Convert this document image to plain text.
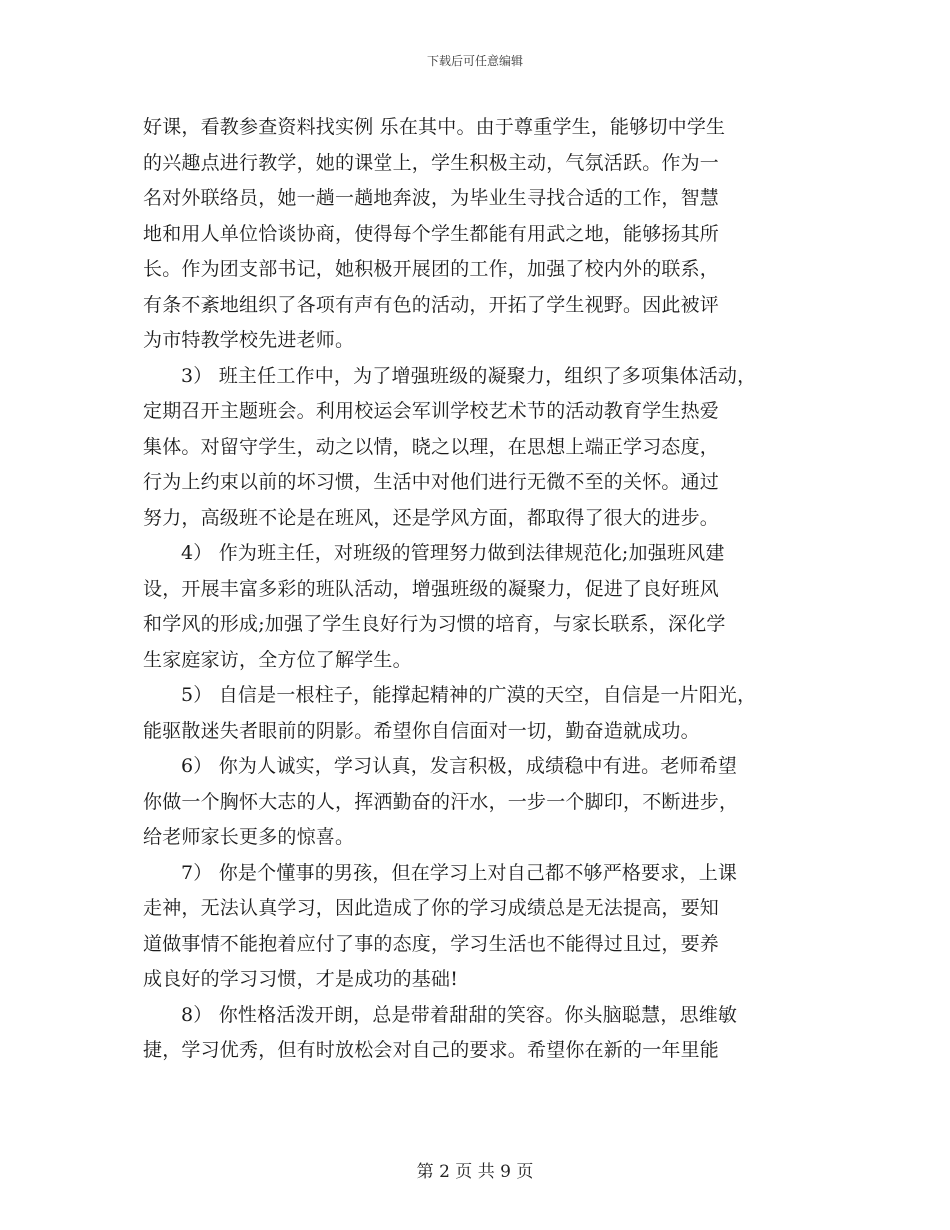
下载后可任意编辑
好课，看教参查资料找实例 乐在其中。由于尊重学生，能够切中学生
的兴趣点进行教学，她的课堂上，学生积极主动，气氛活跃。作为一
名对外联络员，她一趟一趟地奔波，为毕业生寻找合适的工作，智慧
地和用人单位恰谈协商，使得每个学生都能有用武之地，能够扬其所
长。作为团支部书记，她积极开展团的工作，加强了校内外的联系，
有条不紊地组织了各项有声有色的活动，开拓了学生视野。因此被评
为市特教学校先进老师。
3） 班主任工作中，为了增强班级的凝聚力，组织了多项集体活动，
定期召开主题班会。利用校运会军训学校艺术节的活动教育学生热爱
集体。对留守学生，动之以情，晓之以理，在思想上端正学习态度，
行为上约束以前的坏习惯，生活中对他们进行无微不至的关怀。通过
努力，高级班不论是在班风，还是学风方面，都取得了很大的进步。
4） 作为班主任，对班级的管理努力做到法律规范化;加强班风建
设，开展丰富多彩的班队活动，增强班级的凝聚力，促进了良好班风
和学风的形成;加强了学生良好行为习惯的培育，与家长联系，深化学
生家庭家访，全方位了解学生。
5） 自信是一根柱子，能撑起精神的广漠的天空，自信是一片阳光，
能驱散迷失者眼前的阴影。希望你自信面对一切，勤奋造就成功。
6） 你为人诚实，学习认真，发言积极，成绩稳中有进。老师希望
你做一个胸怀大志的人，挥洒勤奋的汗水，一步一个脚印，不断进步，
给老师家长更多的惊喜。
7） 你是个懂事的男孩，但在学习上对自己都不够严格要求，上课
走神，无法认真学习，因此造成了你的学习成绩总是无法提高，要知
道做事情不能抱着应付了事的态度，学习生活也不能得过且过，要养
成良好的学习习惯，才是成功的基础!
8） 你性格活泼开朗，总是带着甜甜的笑容。你头脑聪慧，思维敏
捷，学习优秀，但有时放松会对自己的要求。希望你在新的一年里能
第 2 页 共 9 页
